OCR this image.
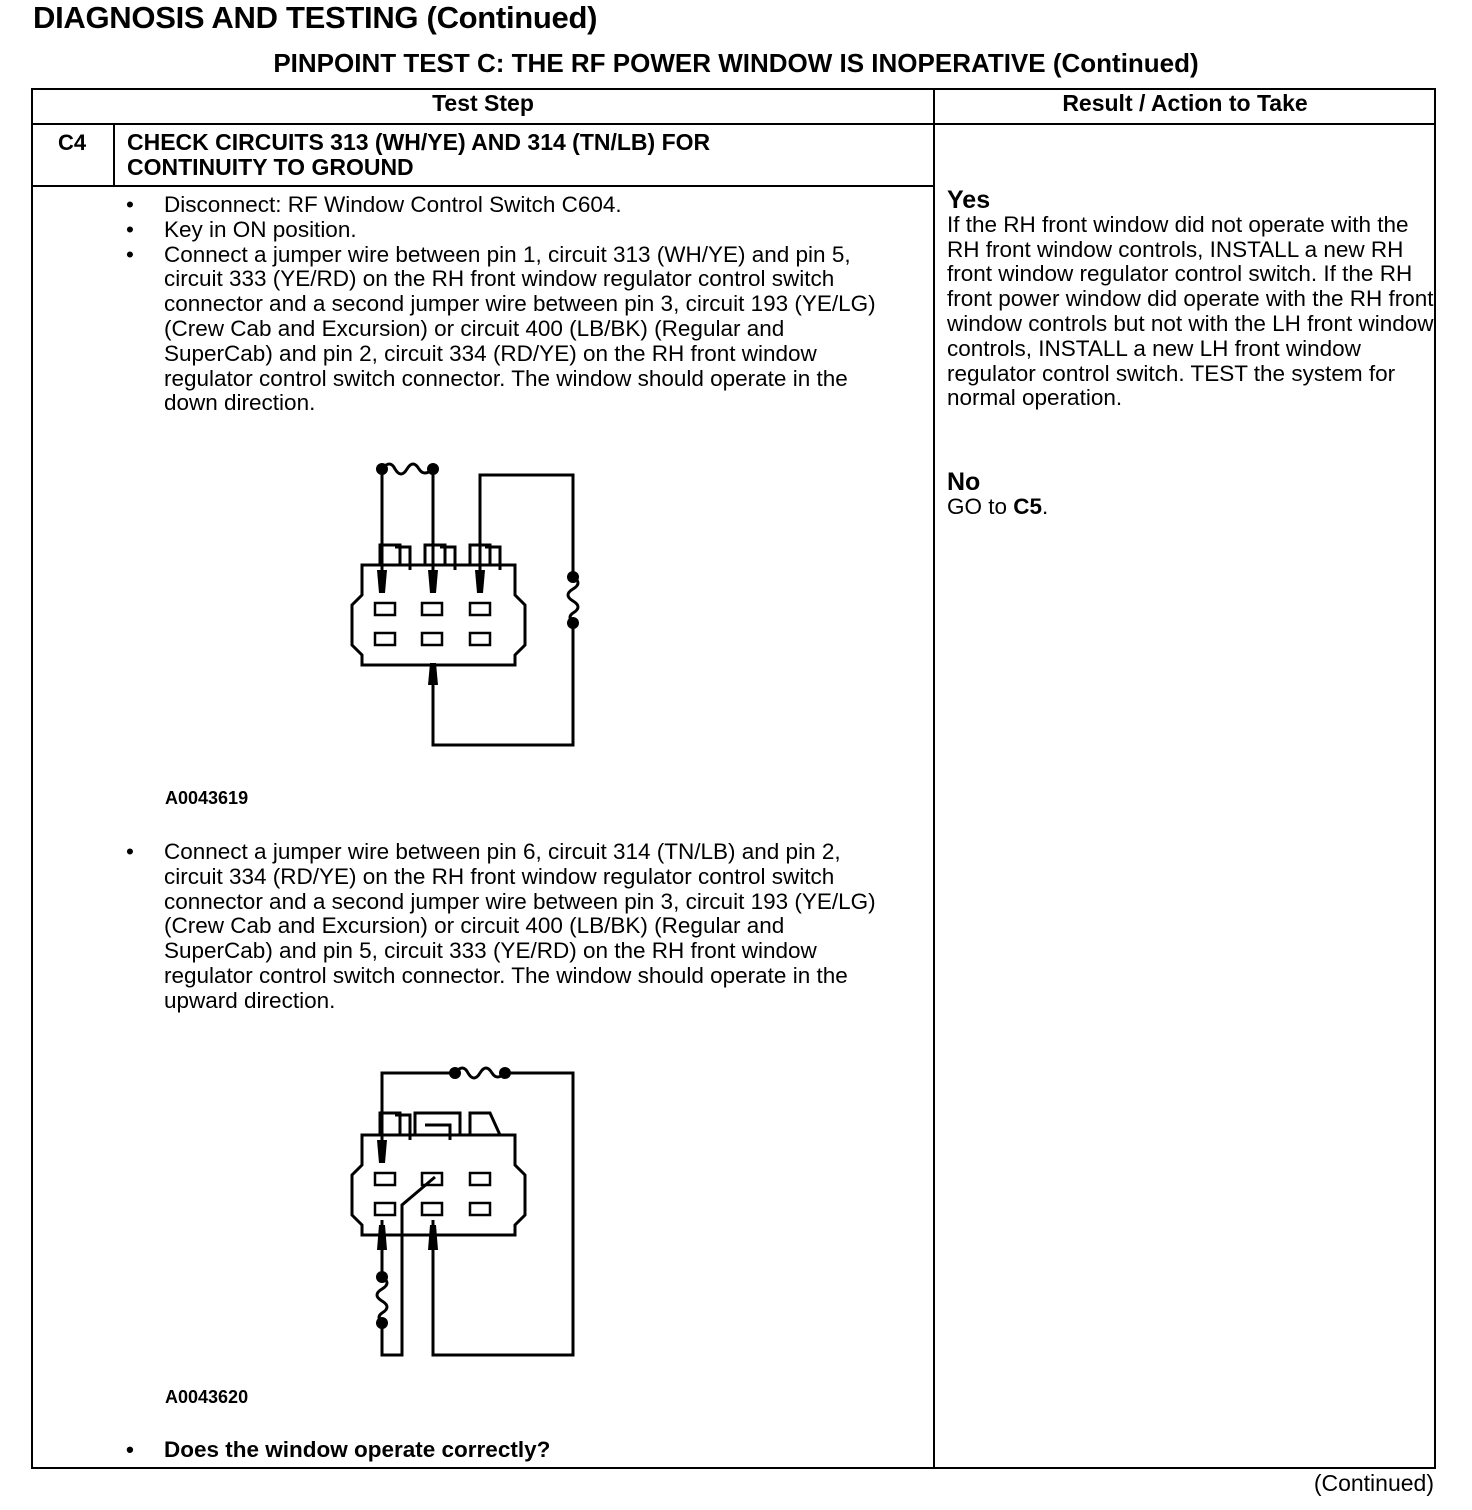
DIAGNOSIS AND TESTING (Continued)
PINPOINT TEST C: THE RF POWER WINDOW IS INOPERATIVE (Continued)
Test Step	Result / Action to Take
C4	CHECK CIRCUITS 313 (WH/YE) AND 314 (TN/LB) FOR
CONTINUITY TO GROUND
• Disconnect: RF Window Control Switch C604.
• Key in ON position.
• Connect a jumper wire between pin 1, circuit 313 (WH/YE) and pin 5, circuit 333 (YE/RD) on the RH front window regulator control switch connector and a second jumper wire between pin 3, circuit 193 (YE/LG) (Crew Cab and Excursion) or circuit 400 (LB/BK) (Regular and SuperCab) and pin 2, circuit 334 (RD/YE) on the RH front window regulator control switch connector. The window should operate in the down direction.
A0043619
• Connect a jumper wire between pin 6, circuit 314 (TN/LB) and pin 2, circuit 334 (RD/YE) on the RH front window regulator control switch connector and a second jumper wire between pin 3, circuit 193 (YE/LG) (Crew Cab and Excursion) or circuit 400 (LB/BK) (Regular and SuperCab) and pin 5, circuit 333 (YE/RD) on the RH front window regulator control switch connector. The window should operate in the upward direction.
A0043620
• Does the window operate correctly?
Yes
If the RH front window did not operate with the RH front window controls, INSTALL a new RH front window regulator control switch. If the RH front power window did operate with the RH front window controls but not with the LH front window controls, INSTALL a new LH front window regulator control switch. TEST the system for normal operation.
No
GO to C5.
(Continued)
